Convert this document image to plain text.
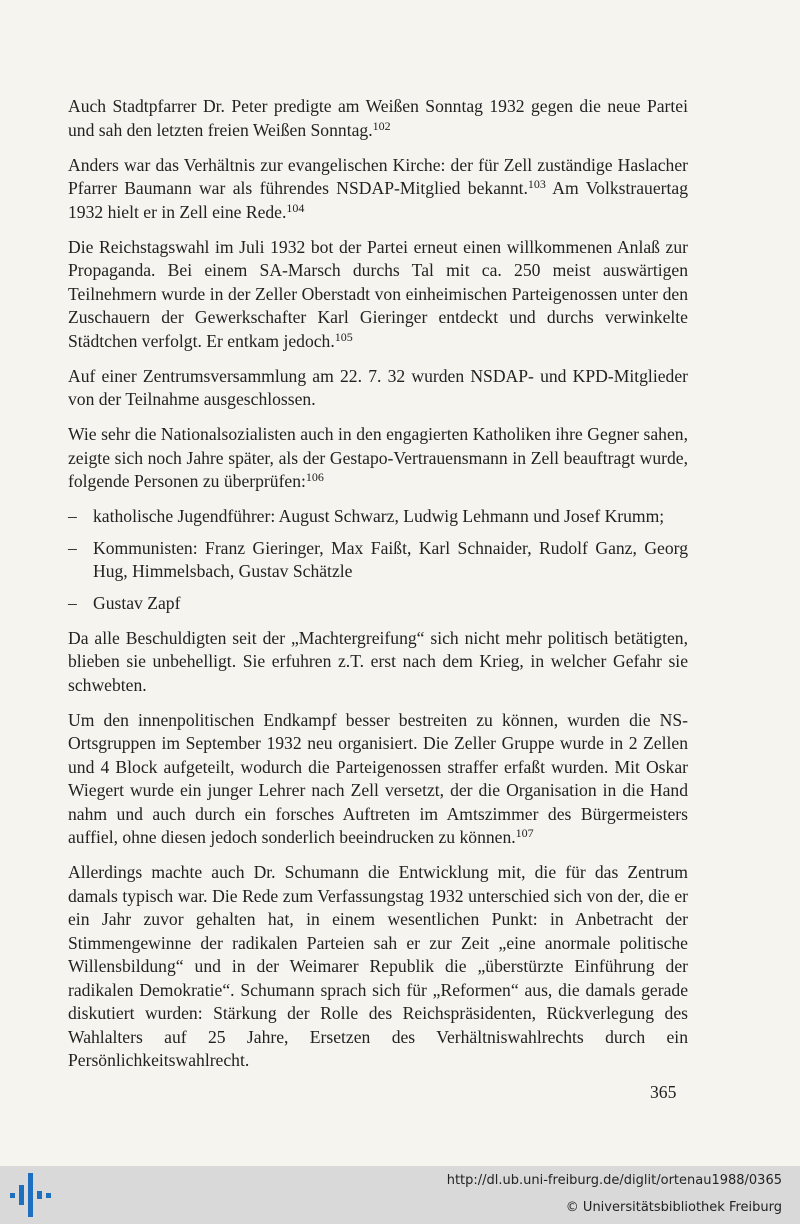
Auch Stadtpfarrer Dr. Peter predigte am Weißen Sonntag 1932 gegen die neue Partei und sah den letzten freien Weißen Sonntag.$^{102}$

Anders war das Verhältnis zur evangelischen Kirche: der für Zell zuständige Haslacher Pfarrer Baumann war als führendes NSDAP-Mitglied bekannt.$^{103}$ Am Volkstrauertag 1932 hielt er in Zell eine Rede.$^{104}$

Die Reichstagswahl im Juli 1932 bot der Partei erneut einen willkommenen Anlaß zur Propaganda. Bei einem SA-Marsch durchs Tal mit ca. 250 meist auswärtigen Teilnehmern wurde in der Zeller Oberstadt von einheimischen Parteigenossen unter den Zuschauern der Gewerkschafter Karl Gieringer entdeckt und durchs verwinkelte Städtchen verfolgt. Er entkam jedoch.$^{105}$

Auf einer Zentrumsversammlung am 22. 7. 32 wurden NSDAP- und KPD-Mitglieder von der Teilnahme ausgeschlossen.

Wie sehr die Nationalsozialisten auch in den engagierten Katholiken ihre Gegner sahen, zeigte sich noch Jahre später, als der Gestapo-Vertrauensmann in Zell beauftragt wurde, folgende Personen zu überprüfen:$^{106}$

– katholische Jugendführer: August Schwarz, Ludwig Lehmann und Josef Krumm;
– Kommunisten: Franz Gieringer, Max Faißt, Karl Schnaider, Rudolf Ganz, Georg Hug, Himmelsbach, Gustav Schätzle
– Gustav Zapf

Da alle Beschuldigten seit der „Machtergreifung“ sich nicht mehr politisch betätigten, blieben sie unbehelligt. Sie erfuhren z.T. erst nach dem Krieg, in welcher Gefahr sie schwebten.

Um den innenpolitischen Endkampf besser bestreiten zu können, wurden die NS-Ortsgruppen im September 1932 neu organisiert. Die Zeller Gruppe wurde in 2 Zellen und 4 Block aufgeteilt, wodurch die Parteigenossen straffer erfaßt wurden. Mit Oskar Wiegert wurde ein junger Lehrer nach Zell versetzt, der die Organisation in die Hand nahm und auch durch ein forsches Auftreten im Amtszimmer des Bürgermeisters auffiel, ohne diesen jedoch sonderlich beeindrucken zu können.$^{107}$

Allerdings machte auch Dr. Schumann die Entwicklung mit, die für das Zentrum damals typisch war. Die Rede zum Verfassungstag 1932 unterschied sich von der, die er ein Jahr zuvor gehalten hat, in einem wesentlichen Punkt: in Anbetracht der Stimmengewinne der radikalen Parteien sah er zur Zeit „eine anormale politische Willensbildung“ und in der Weimarer Republik die „überstürzte Einführung der radikalen Demokratie“. Schumann sprach sich für „Reformen“ aus, die damals gerade diskutiert wurden: Stärkung der Rolle des Reichspräsidenten, Rückverlegung des Wahlalters auf 25 Jahre, Ersetzen des Verhältniswahlrechts durch ein Persönlichkeitswahlrecht.

365
http://dl.ub.uni-freiburg.de/diglit/ortenau1988/0365
© Universitätsbibliothek Freiburg
